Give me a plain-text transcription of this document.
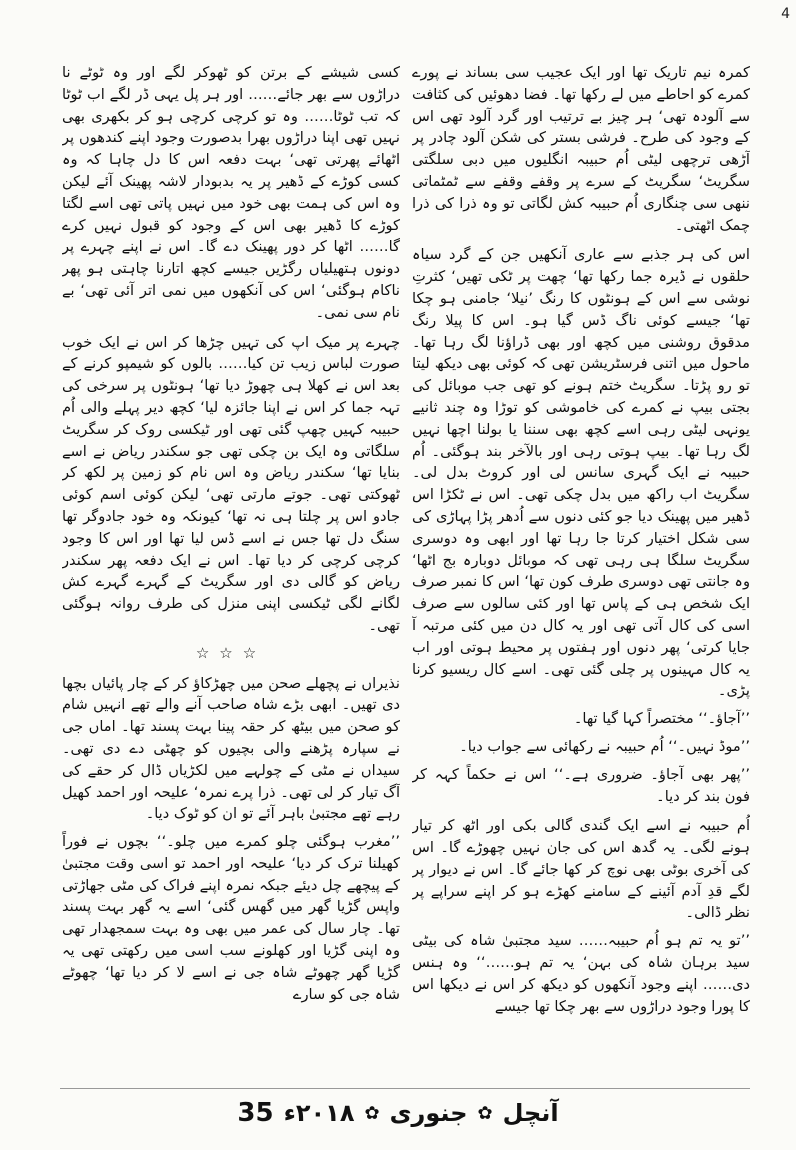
4

کمرہ نیم تاریک تھا اور ایک عجیب سی بساند نے پورے کمرے کو احاطے میں لے رکھا تھا۔ فضا دھوئیں کی کثافت سے آلودہ تھی‘ ہر چیز بے ترتیب اور گرد آلود تھی اس کے وجود کی طرح۔ فرشی بستر کی شکن آلود چادر پر آڑھی ترچھی لیٹی اُم حبیبہ انگلیوں میں دبی سلگتی سگریٹ‘ سگریٹ کے سرے پر وقفے وقفے سے ٹمٹماتی ننھی سی چنگاری اُم حبیبہ کش لگاتی تو وہ ذرا کی ذرا چمک اٹھتی۔

اس کی ہر جذبے سے عاری آنکھیں جن کے گرد سیاہ حلقوں نے ڈیرہ جما رکھا تھا‘ چھت پر ٹکی تھیں‘ کثرتِ نوشی سے اس کے ہونٹوں کا رنگ ’نیلا‘ جامنی ہو چکا تھا‘ جیسے کوئی ناگ ڈس گیا ہو۔ اس کا پیلا رنگ مدقوق روشنی میں کچھ اور بھی ڈراؤنا لگ رہا تھا۔ ماحول میں اتنی فرسٹریشن تھی کہ کوئی بھی دیکھ لیتا تو رو پڑتا۔ سگریٹ ختم ہونے کو تھی جب موبائل کی بجتی بیپ نے کمرے کی خاموشی کو توڑا وہ چند ثانیے یونہی لیٹی رہی اسے کچھ بھی سننا یا بولنا اچھا نہیں لگ رہا تھا۔ بیپ ہوتی رہی اور بالآخر بند ہوگئی۔ اُم حبیبہ نے ایک گہری سانس لی اور کروٹ بدل لی۔ سگریٹ اب راکھ میں بدل چکی تھی۔ اس نے ٹکڑا اس ڈھیر میں پھینک دیا جو کئی دنوں سے اُدھر پڑا پہاڑی کی سی شکل اختیار کرتا جا رہا تھا اور ابھی وہ دوسری سگریٹ سلگا ہی رہی تھی کہ موبائل دوبارہ بج اٹھا‘ وہ جانتی تھی دوسری طرف کون تھا‘ اس کا نمبر صرف ایک شخص ہی کے پاس تھا اور کئی سالوں سے صرف اسی کی کال آتی تھی اور یہ کال دن میں کئی مرتبہ آ جایا کرتی‘ پھر دنوں اور ہفتوں پر محیط ہوتی اور اب یہ کال مہینوں پر چلی گئی تھی۔ اسے کال ریسیو کرنا پڑی۔

’’آجاؤ۔‘‘ مختصراً کہا گیا تھا۔

’’موڈ نہیں۔‘‘ اُم حبیبہ نے رکھائی سے جواب دیا۔

’’پھر بھی آجاؤ۔ ضروری ہے۔‘‘ اس نے حکماً کہہ کر فون بند کر دیا۔

اُم حبیبہ نے اسے ایک گندی گالی بکی اور اٹھ کر تیار ہونے لگی۔ یہ گدھ اس کی جان نہیں چھوڑے گا۔ اس کی آخری بوٹی بھی نوچ کر کھا جائے گا۔ اس نے دیوار پر لگے قدِ آدم آئینے کے سامنے کھڑے ہو کر اپنے سراپے پر نظر ڈالی۔

’’تو یہ تم ہو اُم حبیبہ…… سید مجتبیٰ شاہ کی بیٹی سید برہان شاہ کی بہن‘ یہ تم ہو……‘‘ وہ ہنس دی…… اپنے وجود آنکھوں کو دیکھ کر اس نے دیکھا اس کا پورا وجود دراڑوں سے بھر چکا تھا جیسے

کسی شیشے کے برتن کو ٹھوکر لگے اور وہ ٹوٹے نا دراڑوں سے بھر جائے…… اور ہر پل یہی ڈر لگے اب ٹوٹا کہ تب ٹوٹا…… وہ تو کرچی کرچی ہو کر بکھری بھی نہیں تھی اپنا دراڑوں بھرا بدصورت وجود اپنے کندھوں پر اٹھائے پھرتی تھی‘ بہت دفعہ اس کا دل چاہا کہ وہ کسی کوڑے کے ڈھیر پر یہ بدبودار لاشہ پھینک آئے لیکن وہ اس کی ہمت بھی خود میں نہیں پاتی تھی اسے لگتا کوڑے کا ڈھیر بھی اس کے وجود کو قبول نہیں کرے گا…… اٹھا کر دور پھینک دے گا۔ اس نے اپنے چہرے پر دونوں ہتھیلیاں رگڑیں جیسے کچھ اتارنا چاہتی ہو پھر ناکام ہوگئی‘ اس کی آنکھوں میں نمی اتر آئی تھی‘ بے نام سی نمی۔

چہرے پر میک اپ کی تہیں چڑھا کر اس نے ایک خوب صورت لباس زیب تن کیا…… بالوں کو شیمپو کرنے کے بعد اس نے کھلا ہی چھوڑ دیا تھا‘ ہونٹوں پر سرخی کی تہہ جما کر اس نے اپنا جائزہ لیا‘ کچھ دیر پہلے والی اُم حبیبہ کہیں چھپ گئی تھی اور ٹیکسی روک کر سگریٹ سلگاتی وہ ایک بن چکی تھی جو سکندر ریاض نے اسے بنایا تھا‘ سکندر ریاض وہ اس نام کو زمین پر لکھ کر ٹھوکتی تھی۔ جوتے مارتی تھی‘ لیکن کوئی اسم کوئی جادو اس پر چلتا ہی نہ تھا‘ کیونکہ وہ خود جادوگر تھا سنگ دل تھا جس نے اسے ڈس لیا تھا اور اس کا وجود کرچی کرچی کر دیا تھا۔ اس نے ایک دفعہ پھر سکندر ریاض کو گالی دی اور سگریٹ کے گہرے گہرے کش لگانے لگی ٹیکسی اپنی منزل کی طرف روانہ ہوگئی تھی۔

☆☆☆

نذیراں نے پچھلے صحن میں چھڑکاؤ کر کے چار پائیاں بچھا دی تھیں۔ ابھی بڑے شاہ صاحب آنے والے تھے انہیں شام کو صحن میں بیٹھ کر حقہ پینا بہت پسند تھا۔ اماں جی نے سپارہ پڑھنے والی بچیوں کو چھٹی دے دی تھی۔ سیداں نے مٹی کے چولہے میں لکڑیاں ڈال کر حقے کی آگ تیار کر لی تھی۔ ذرا پرے نمرہ‘ علیحہ اور احمد کھیل رہے تھے مجتبیٰ باہر آئے تو ان کو ٹوک دیا۔

’’مغرب ہوگئی چلو کمرے میں چلو۔‘‘ بچوں نے فوراً کھیلنا ترک کر دیا‘ علیحہ اور احمد تو اسی وقت مجتبیٰ کے پیچھے چل دیئے جبکہ نمرہ اپنے فراک کی مٹی جھاڑتی واپس گڑیا گھر میں گھس گئی‘ اسے یہ گھر بہت پسند تھا۔ چار سال کی عمر میں بھی وہ بہت سمجھدار تھی وہ اپنی گڑیا اور کھلونے سب اسی میں رکھتی تھی یہ گڑیا گھر چھوٹے شاہ جی نے اسے لا کر دیا تھا‘ چھوٹے شاہ جی کو سارے

آنچل
✿
جنوری
✿
۲۰۱۸ء
35
